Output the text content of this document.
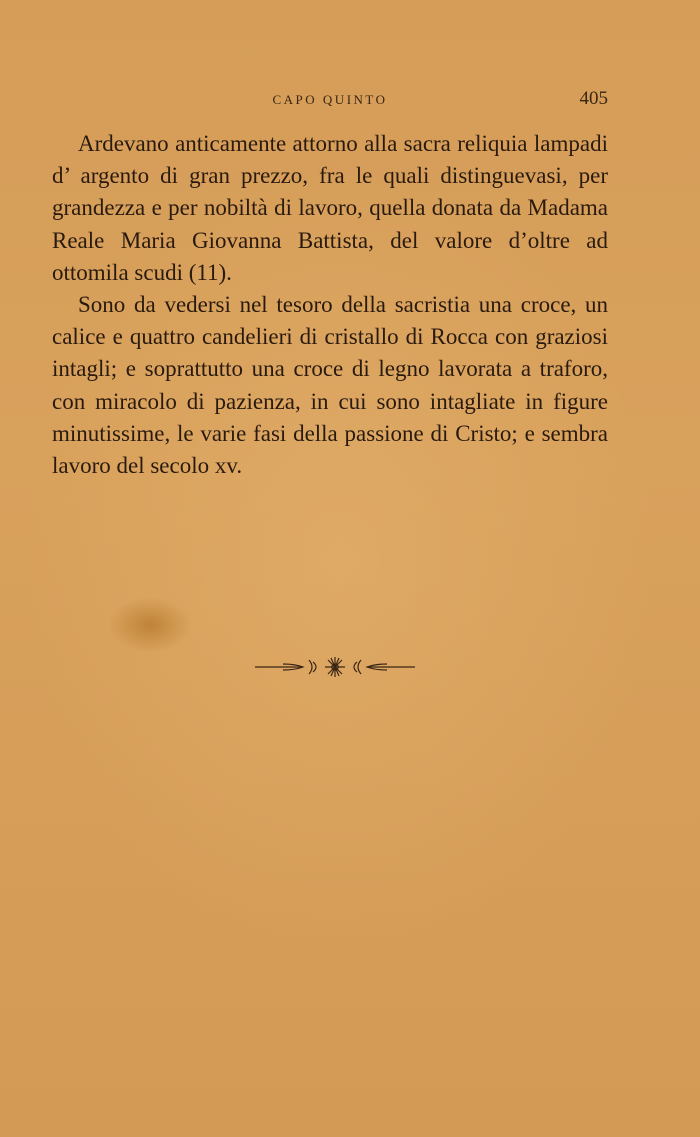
CAPO QUINTO	405

Ardevano anticamente attorno alla sacra reliquia lampadi d’ argento di gran prezzo, fra le quali distinguevasi, per grandezza e per nobiltà di lavoro, quella donata da Madama Reale Maria Giovanna Battista, del valore d’oltre ad ottomila scudi (11).

Sono da vedersi nel tesoro della sacristia una croce, un calice e quattro candelieri di cristallo di Rocca con graziosi intagli; e soprattutto una croce di legno lavorata a traforo, con miracolo di pazienza, in cui sono intagliate in figure minutissime, le varie fasi della passione di Cristo; e sembra lavoro del secolo xv.
